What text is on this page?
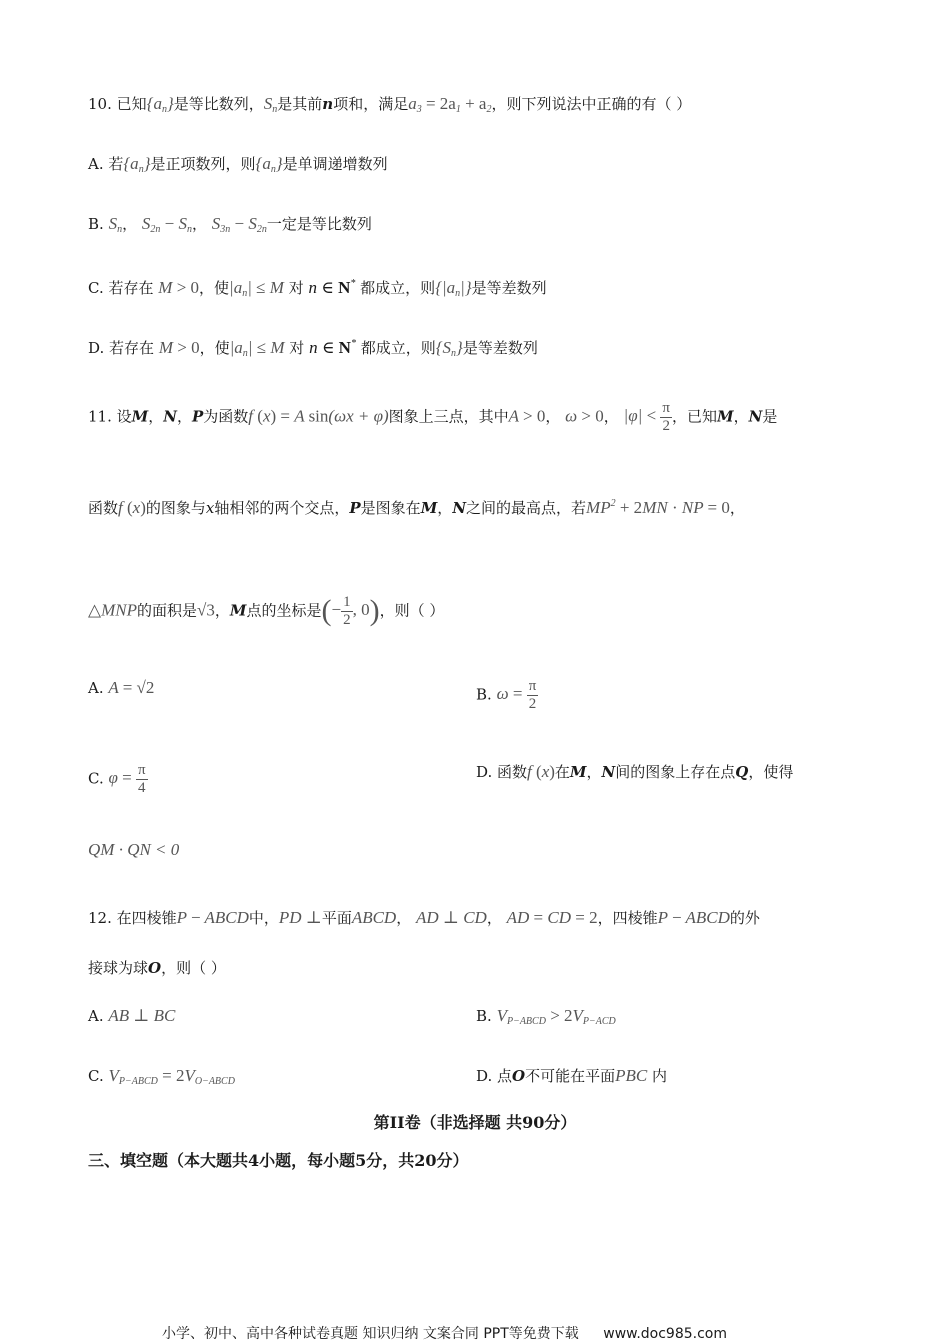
10. 已知$\{a_n\}$是等比数列，$S_n$是其前n项和，满足$a_3 = 2a_1 + a_2$，则下列说法中正确的有（ ）
A. 若$\{a_n\}$是正项数列，则$\{a_n\}$是单调递增数列
B. $S_n$， $S_{2n} - S_n$， $S_{3n} - S_{2n}$一定是等比数列
C. 若存在 M > 0，使$|a_n| \le M$ 对 n ∈ N* 都成立，则$\{|a_n|\}$是等差数列
D. 若存在 M > 0，使$|a_n| \le M$ 对 n ∈ N* 都成立，则$\{S_n\}$是等差数列
11. 设M，N，P为函数f (x) = A sin(ωx + φ)图象上三点，其中A > 0， ω > 0， $|\varphi| < \frac{\pi}{2}$ ，已知M，N是
函数f (x)的图象与x轴相邻的两个交点，P是图象在M，N之间的最高点，若$MP^2 + 2MN$ · NP = 0，
△MNP的面积是√3，M点的坐标是(− $\frac{1}{2}$ , 0)，则（ ）
A. A = √2	B. $\omega = \frac{\pi}{2}$
C. $\varphi = \frac{\pi}{4}$	D. 函数f (x)在M，N间的图象上存在点Q，使得
QM · QN < 0
12. 在四棱锥P − ABCD中，PD ⊥平面ABCD， AD ⊥ CD， AD = CD = 2，四棱锥P − ABCD的外
接球为球O，则（ ）
A. AB ⊥ BC	B. $V_{P-ABCD} > 2V_{P-ACD}$
C. $V_{P-ABCD} = 2V_{O-ABCD}$	D. 点O不可能在平面PBC 内
第II卷（非选择题 共90分）
三、填空题（本大题共4小题，每小题5分，共20分）
小学、初中、高中各种试卷真题 知识归纳 文案合同 PPT等免费下载 www.doc985.com
